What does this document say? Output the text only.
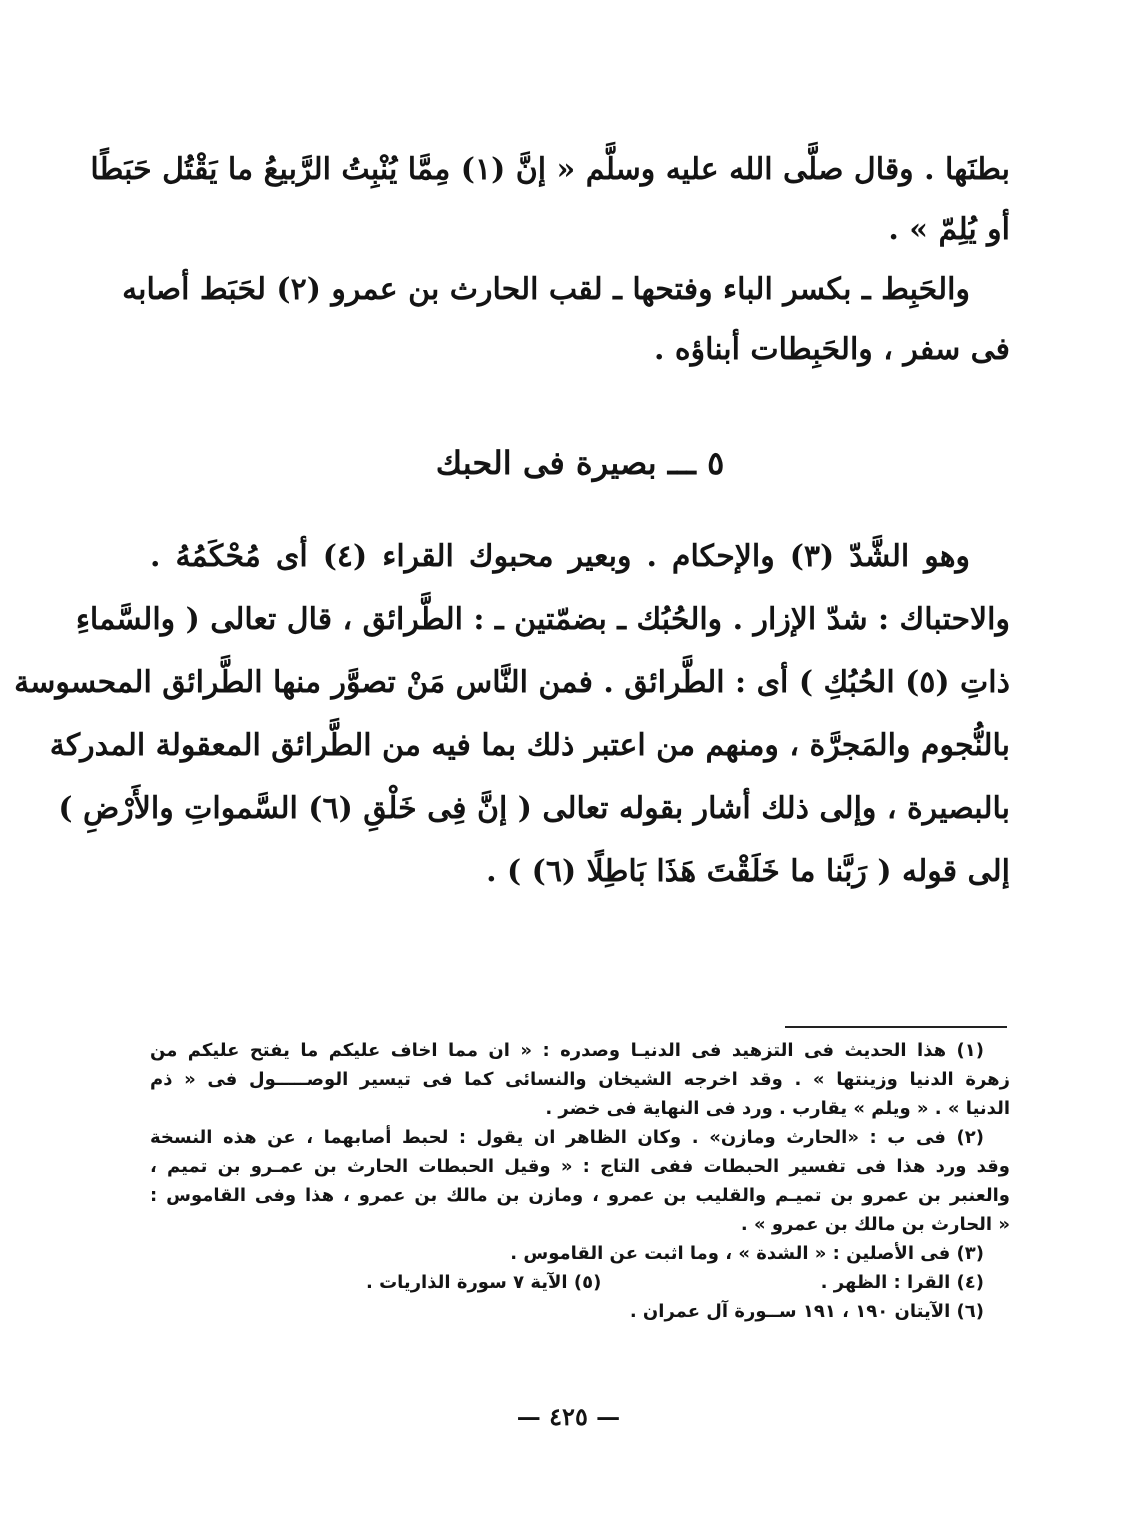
بطنَها . وقال صلَّى الله عليه وسلَّم « إنَّ (١) مِمَّا يُنْبِتُ الرَّبيعُ ما يَقْتُل حَبَطًا
أو يُلِمّ » .
والحَبِط ـ بكسر الباء وفتحها ـ لقب الحارث بن عمرو (٢) لحَبَط أصابه
فى سفر ، والحَبِطات أبناؤه .
٥ ـــ بصيرة فى الحبك
وهو الشَّدّ (٣) والإحكام . وبعير محبوك القراء (٤) أى مُحْكَمُهُ .
والاحتباك : شدّ الإزار . والحُبُك ـ بضمّتين ـ : الطَّرائق ، قال تعالى ( والسَّماءِ
ذاتِ (٥) الحُبُكِ ) أى : الطَّرائق . فمن النَّاس مَنْ تصوَّر منها الطَّرائق المحسوسة
بالنُّجوم والمَجرَّة ، ومنهم من اعتبر ذلك بما فيه من الطَّرائق المعقولة المدركة
بالبصيرة ، وإلى ذلك أشار بقوله تعالى ( إنَّ فِى خَلْقِ (٦) السَّمواتِ والأَرْضِ )
إلى قوله ( رَبَّنا ما خَلَقْتَ هَذَا بَاطِلًا (٦) ) .
(١) هذا الحديث فى التزهيد فى الدنيـا وصدره : « ان مما اخاف عليكم ما يفتح عليكم من
زهرة الدنيا وزينتها » . وقد اخرجه الشيخان والنسائى كما فى تيسير الوصـــــول فى « ذم
الدنيا » . « ويلم » يقارب . ورد فى النهاية فى خضر .
(٢) فى ب : «الحارث ومازن» . وكان الظاهر ان يقول : لحبط أصابهما ، عن هذه النسخة
وقد ورد هذا فى تفسير الحبطات ففى التاج : « وقيل الحبطات الحارث بن عمـرو بن تميم ،
والعنبر بن عمرو بن تميـم والقليب بن عمرو ، ومازن بن مالك بن عمرو ، هذا وفى القاموس :
« الحارث بن مالك بن عمرو » .
(٣) فى الأصلين : « الشدة » ، وما اثبت عن القاموس .
(٤) القرا : الظهر .                                   (٥) الآية ٧ سورة الذاريات .
(٦) الآيتان ١٩٠ ، ١٩١ ســورة آل عمران .
— ٤٢٥ —
